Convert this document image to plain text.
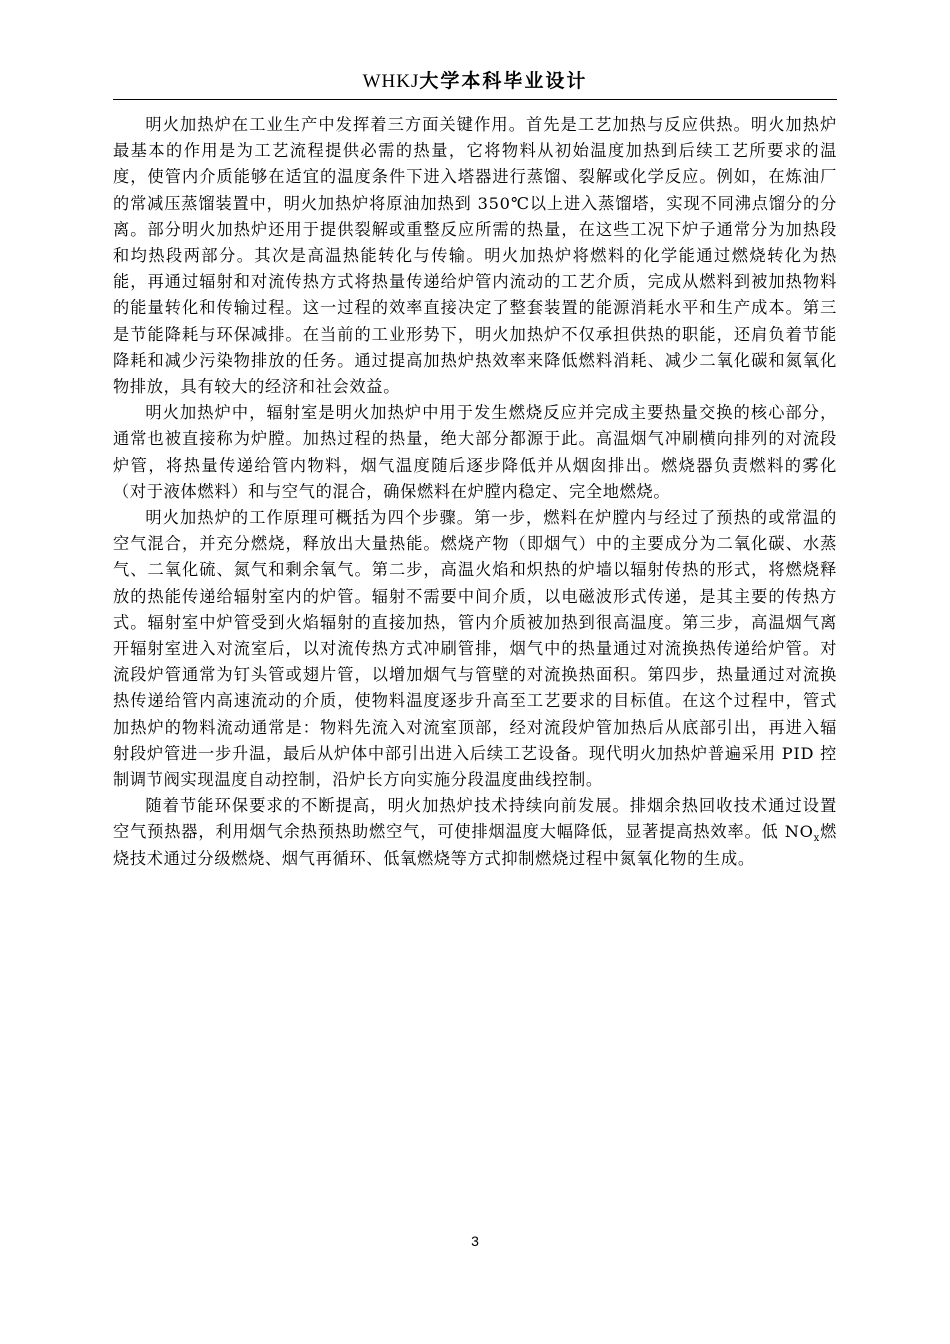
WHKJ大学本科毕业设计

明火加热炉在工业生产中发挥着三方面关键作用。首先是工艺加热与反应供热。明火加热炉最基本的作用是为工艺流程提供必需的热量，它将物料从初始温度加热到后续工艺所要求的温度，使管内介质能够在适宜的温度条件下进入塔器进行蒸馏、裂解或化学反应。例如，在炼油厂的常减压蒸馏装置中，明火加热炉将原油加热到 350℃以上进入蒸馏塔，实现不同沸点馏分的分离。部分明火加热炉还用于提供裂解或重整反应所需的热量，在这些工况下炉子通常分为加热段和均热段两部分。其次是高温热能转化与传输。明火加热炉将燃料的化学能通过燃烧转化为热能，再通过辐射和对流传热方式将热量传递给炉管内流动的工艺介质，完成从燃料到被加热物料的能量转化和传输过程。这一过程的效率直接决定了整套装置的能源消耗水平和生产成本。第三是节能降耗与环保减排。在当前的工业形势下，明火加热炉不仅承担供热的职能，还肩负着节能降耗和减少污染物排放的任务。通过提高加热炉热效率来降低燃料消耗、减少二氧化碳和氮氧化物排放，具有较大的经济和社会效益。

明火加热炉中，辐射室是明火加热炉中用于发生燃烧反应并完成主要热量交换的核心部分，通常也被直接称为炉膛。加热过程的热量，绝大部分都源于此。高温烟气冲刷横向排列的对流段炉管，将热量传递给管内物料，烟气温度随后逐步降低并从烟囱排出。燃烧器负责燃料的雾化（对于液体燃料）和与空气的混合，确保燃料在炉膛内稳定、完全地燃烧。

明火加热炉的工作原理可概括为四个步骤。第一步，燃料在炉膛内与经过了预热的或常温的空气混合，并充分燃烧，释放出大量热能。燃烧产物（即烟气）中的主要成分为二氧化碳、水蒸气、二氧化硫、氮气和剩余氧气。第二步，高温火焰和炽热的炉墙以辐射传热的形式，将燃烧释放的热能传递给辐射室内的炉管。辐射不需要中间介质，以电磁波形式传递，是其主要的传热方式。辐射室中炉管受到火焰辐射的直接加热，管内介质被加热到很高温度。第三步，高温烟气离开辐射室进入对流室后，以对流传热方式冲刷管排，烟气中的热量通过对流换热传递给炉管。对流段炉管通常为钉头管或翅片管，以增加烟气与管壁的对流换热面积。第四步，热量通过对流换热传递给管内高速流动的介质，使物料温度逐步升高至工艺要求的目标值。在这个过程中，管式加热炉的物料流动通常是：物料先流入对流室顶部，经对流段炉管加热后从底部引出，再进入辐射段炉管进一步升温，最后从炉体中部引出进入后续工艺设备。现代明火加热炉普遍采用 PID 控制调节阀实现温度自动控制，沿炉长方向实施分段温度曲线控制。

随着节能环保要求的不断提高，明火加热炉技术持续向前发展。排烟余热回收技术通过设置空气预热器，利用烟气余热预热助燃空气，可使排烟温度大幅降低，显著提高热效率。低 $NO_x$燃烧技术通过分级燃烧、烟气再循环、低氧燃烧等方式抑制燃烧过程中氮氧化物的生成。

3
